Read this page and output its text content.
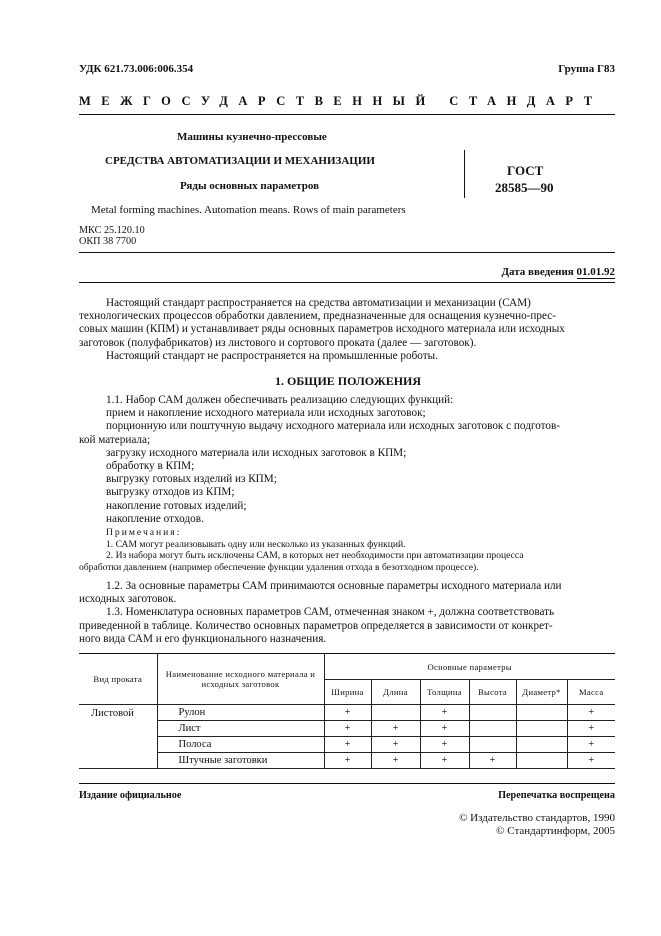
УДК 621.73.006:006.354	Группа Г83
МЕЖГОСУДАРСТВЕННЫЙ СТАНДАРТ
Машины кузнечно-прессовые
СРЕДСТВА АВТОМАТИЗАЦИИ И МЕХАНИЗАЦИИ
Ряды основных параметров
ГОСТ
28585—90
Metal forming machines. Automation means. Rows of main parameters
МКС 25.120.10
ОКП 38 7700
Дата введения 01.01.92
Настоящий стандарт распространяется на средства автоматизации и механизации (САМ)
технологических процессов обработки давлением, предназначенные для оснащения кузнечно-прес-
совых машин (КПМ) и устанавливает ряды основных параметров исходного материала или исходных
заготовок (полуфабрикатов) из листового и сортового проката (далее — заготовок).
Настоящий стандарт не распространяется на промышленные роботы.
1. ОБЩИЕ ПОЛОЖЕНИЯ
1.1. Набор САМ должен обеспечивать реализацию следующих функций:
прием и накопление исходного материала или исходных заготовок;
порционную или поштучную выдачу исходного материала или исходных заготовок с подготов-
кой материала;
загрузку исходного материала или исходных заготовок в КПМ;
обработку в КПМ;
выгрузку готовых изделий из КПМ;
выгрузку отходов из КПМ;
накопление готовых изделий;
накопление отходов.
Примечания:
1. САМ могут реализовывать одну или несколько из указанных функций.
2. Из набора могут быть исключены САМ, в которых нет необходимости при автоматизации процесса
обработки давлением (например обеспечение функции удаления отхода в безотходном процессе).
1.2. За основные параметры САМ принимаются основные параметры исходного материала или
исходных заготовок.
1.3. Номенклатура основных параметров САМ, отмеченная знаком +, должна соответствовать
приведенной в таблице. Количество основных параметров определяется в зависимости от конкрет-
ного вида САМ и его функционального назначения.
Вид проката	Наименование исходного материала и исходных заготовок	Основные параметры					
		Ширина	Длина	Толщина	Высота	Диаметр*	Масса
Листовой	Рулон	+		+			+
	Лист	+	+	+			+
	Полоса	+	+	+			+
	Штучные заготовки	+	+	+	+		+
Издание официальное	Перепечатка воспрещена
© Издательство стандартов, 1990
© Стандартинформ, 2005
